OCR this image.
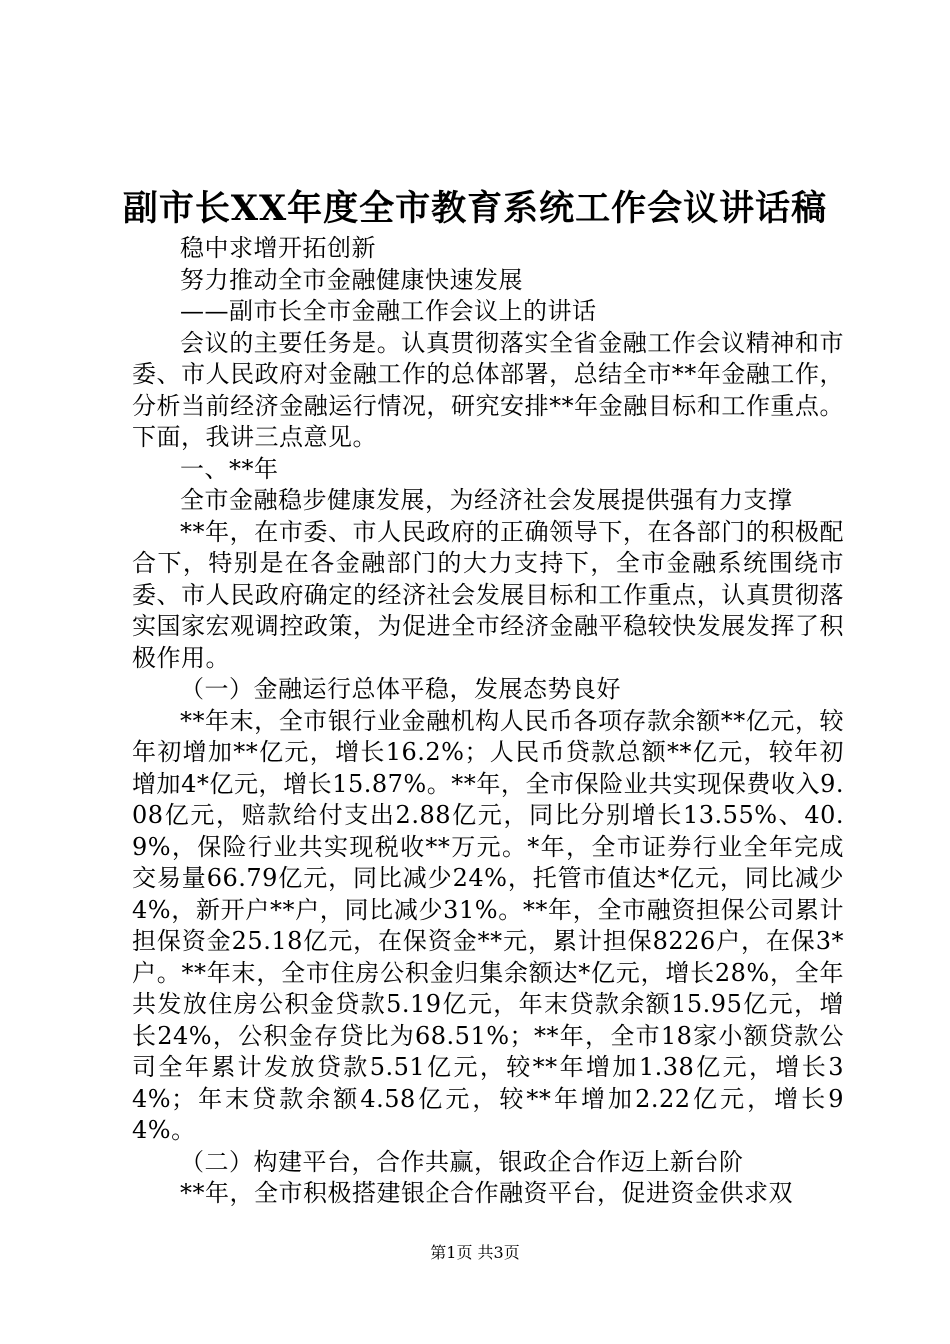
副市长XX年度全市教育系统工作会议讲话稿

稳中求增开拓创新

努力推动全市金融健康快速发展

——副市长全市金融工作会议上的讲话

会议的主要任务是。认真贯彻落实全省金融工作会议精神和市委、市人民政府对金融工作的总体部署，总结全市**年金融工作，分析当前经济金融运行情况，研究安排**年金融目标和工作重点。下面，我讲三点意见。

一、**年

全市金融稳步健康发展，为经济社会发展提供强有力支撑

**年，在市委、市人民政府的正确领导下，在各部门的积极配合下，特别是在各金融部门的大力支持下，全市金融系统围绕市委、市人民政府确定的经济社会发展目标和工作重点，认真贯彻落实国家宏观调控政策，为促进全市经济金融平稳较快发展发挥了积极作用。

（一）金融运行总体平稳，发展态势良好

**年末，全市银行业金融机构人民币各项存款余额**亿元，较年初增加**亿元，增长16.2%；人民币贷款总额**亿元，较年初增加4*亿元，增长15.87%。**年，全市保险业共实现保费收入9.08亿元，赔款给付支出2.88亿元，同比分别增长13.55%、40.9%，保险行业共实现税收**万元。*年，全市证券行业全年完成交易量66.79亿元，同比减少24%，托管市值达*亿元，同比减少4%，新开户**户，同比减少31%。**年，全市融资担保公司累计担保资金25.18亿元，在保资金**元，累计担保8226户，在保3*户。**年末，全市住房公积金归集余额达*亿元，增长28%，全年共发放住房公积金贷款5.19亿元，年末贷款余额15.95亿元，增长24%，公积金存贷比为68.51%；**年，全市18家小额贷款公司全年累计发放贷款5.51亿元，较**年增加1.38亿元，增长34%；年末贷款余额4.58亿元，较**年增加2.22亿元，增长94%。

（二）构建平台，合作共赢，银政企合作迈上新台阶

**年，全市积极搭建银企合作融资平台，促进资金供求双

第1页 共3页
